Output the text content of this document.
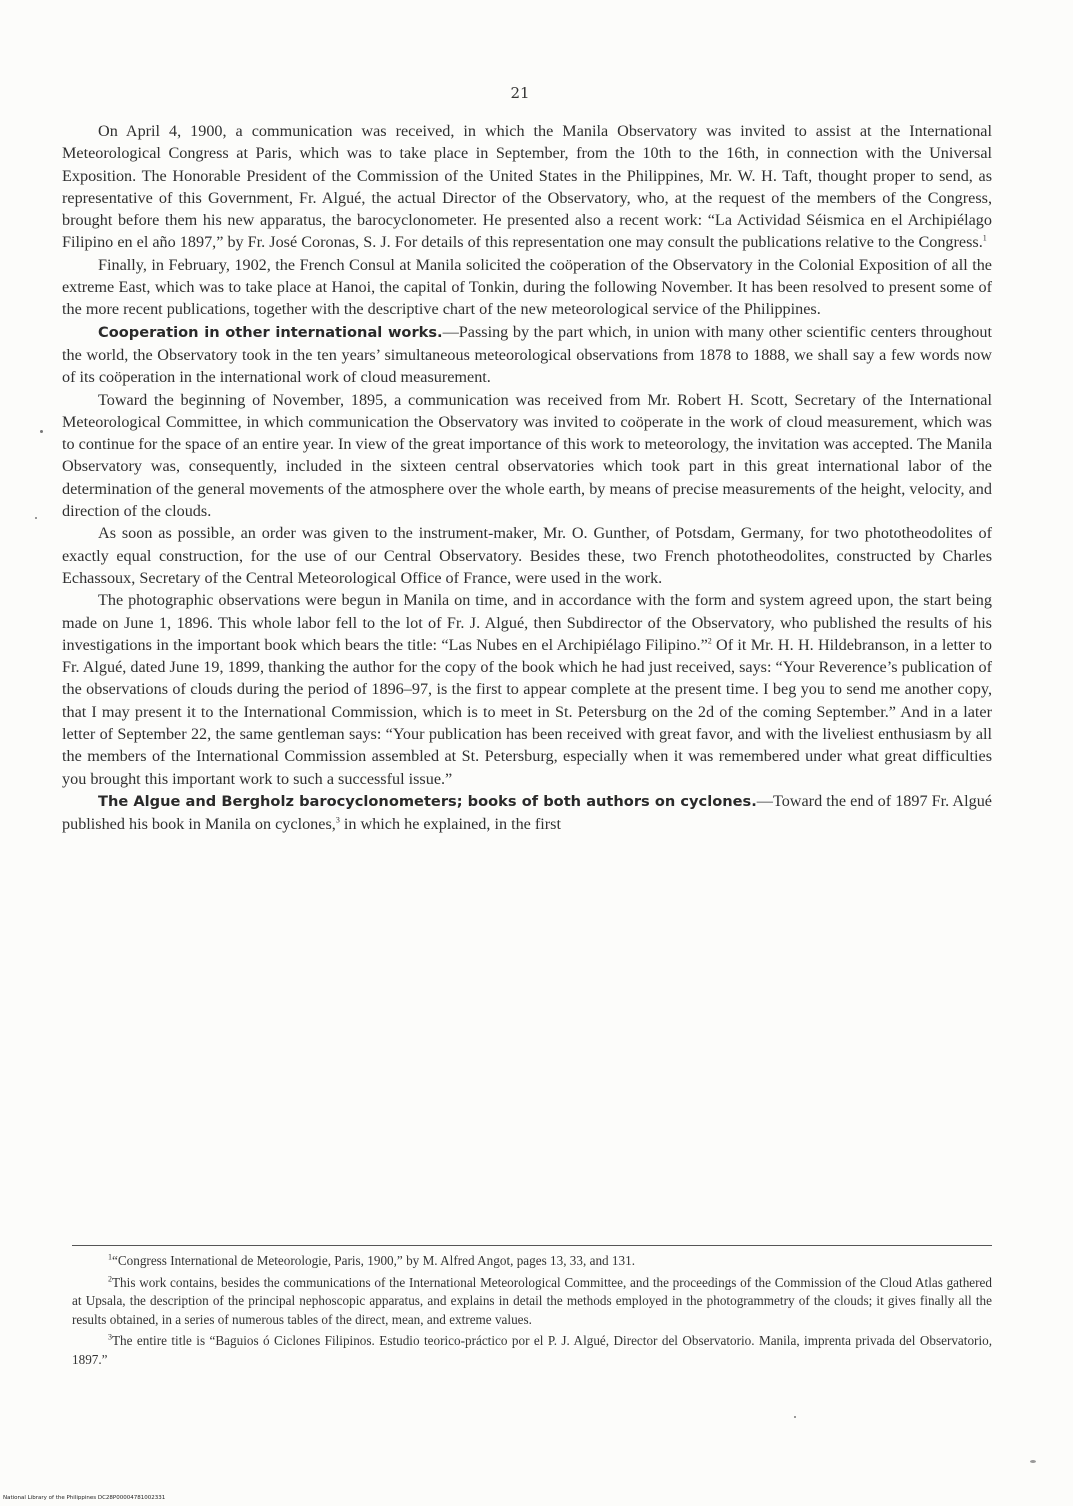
21

On April 4, 1900, a communication was received, in which the Manila Observatory was invited to assist at the International Meteorological Congress at Paris, which was to take place in September, from the 10th to the 16th, in connection with the Universal Exposition. The Honorable President of the Commission of the United States in the Philippines, Mr. W. H. Taft, thought proper to send, as representative of this Government, Fr. Algué, the actual Director of the Observatory, who, at the request of the members of the Congress, brought before them his new apparatus, the barocyclonometer. He presented also a recent work: “La Actividad Séismica en el Archipiélago Filipino en el año 1897,” by Fr. José Coronas, S. J. For details of this representation one may consult the publications relative to the Congress.$^1$

Finally, in February, 1902, the French Consul at Manila solicited the coöperation of the Observatory in the Colonial Exposition of all the extreme East, which was to take place at Hanoi, the capital of Tonkin, during the following November. It has been resolved to present some of the more recent publications, together with the descriptive chart of the new meteorological service of the Philippines.

Cooperation in other international works.—Passing by the part which, in union with many other scientific centers throughout the world, the Observatory took in the ten years’ simultaneous meteorological observations from 1878 to 1888, we shall say a few words now of its coöperation in the international work of cloud measurement.

Toward the beginning of November, 1895, a communication was received from Mr. Robert H. Scott, Secretary of the International Meteorological Committee, in which communication the Observatory was invited to coöperate in the work of cloud measurement, which was to continue for the space of an entire year. In view of the great importance of this work to meteorology, the invitation was accepted. The Manila Observatory was, consequently, included in the sixteen central observatories which took part in this great international labor of the determination of the general movements of the atmosphere over the whole earth, by means of precise measurements of the height, velocity, and direction of the clouds.

As soon as possible, an order was given to the instrument-maker, Mr. O. Gunther, of Potsdam, Germany, for two phototheodolites of exactly equal construction, for the use of our Central Observatory. Besides these, two French phototheodolites, constructed by Charles Echassoux, Secretary of the Central Meteorological Office of France, were used in the work.

The photographic observations were begun in Manila on time, and in accordance with the form and system agreed upon, the start being made on June 1, 1896. This whole labor fell to the lot of Fr. J. Algué, then Subdirector of the Observatory, who published the results of his investigations in the important book which bears the title: “Las Nubes en el Archipiélago Filipino.”$^2$ Of it Mr. H. H. Hildebranson, in a letter to Fr. Algué, dated June 19, 1899, thanking the author for the copy of the book which he had just received, says: “Your Reverence’s publication of the observations of clouds during the period of 1896–97, is the first to appear complete at the present time. I beg you to send me another copy, that I may present it to the International Commission, which is to meet in St. Petersburg on the 2d of the coming September.” And in a later letter of September 22, the same gentleman says: “Your publication has been received with great favor, and with the liveliest enthusiasm by all the members of the International Commission assembled at St. Petersburg, especially when it was remembered under what great difficulties you brought this important work to such a successful issue.”

The Algue and Bergholz barocyclonometers; books of both authors on cyclones.—Toward the end of 1897 Fr. Algué published his book in Manila on cyclones,$^3$ in which he explained, in the first

$^1$“Congress International de Meteorologie, Paris, 1900,” by M. Alfred Angot, pages 13, 33, and 131.

$^2$This work contains, besides the communications of the International Meteorological Committee, and the proceedings of the Commission of the Cloud Atlas gathered at Upsala, the description of the principal nephoscopic apparatus, and explains in detail the methods employed in the photogrammetry of the clouds; it gives finally all the results obtained, in a series of numerous tables of the direct, mean, and extreme values.

$^3$The entire title is “Baguios ó Ciclones Filipinos. Estudio teorico-práctico por el P. J. Algué, Director del Observatorio. Manila, imprenta privada del Observatorio, 1897.”

National Library of the Philippines DC28P00004781002331
